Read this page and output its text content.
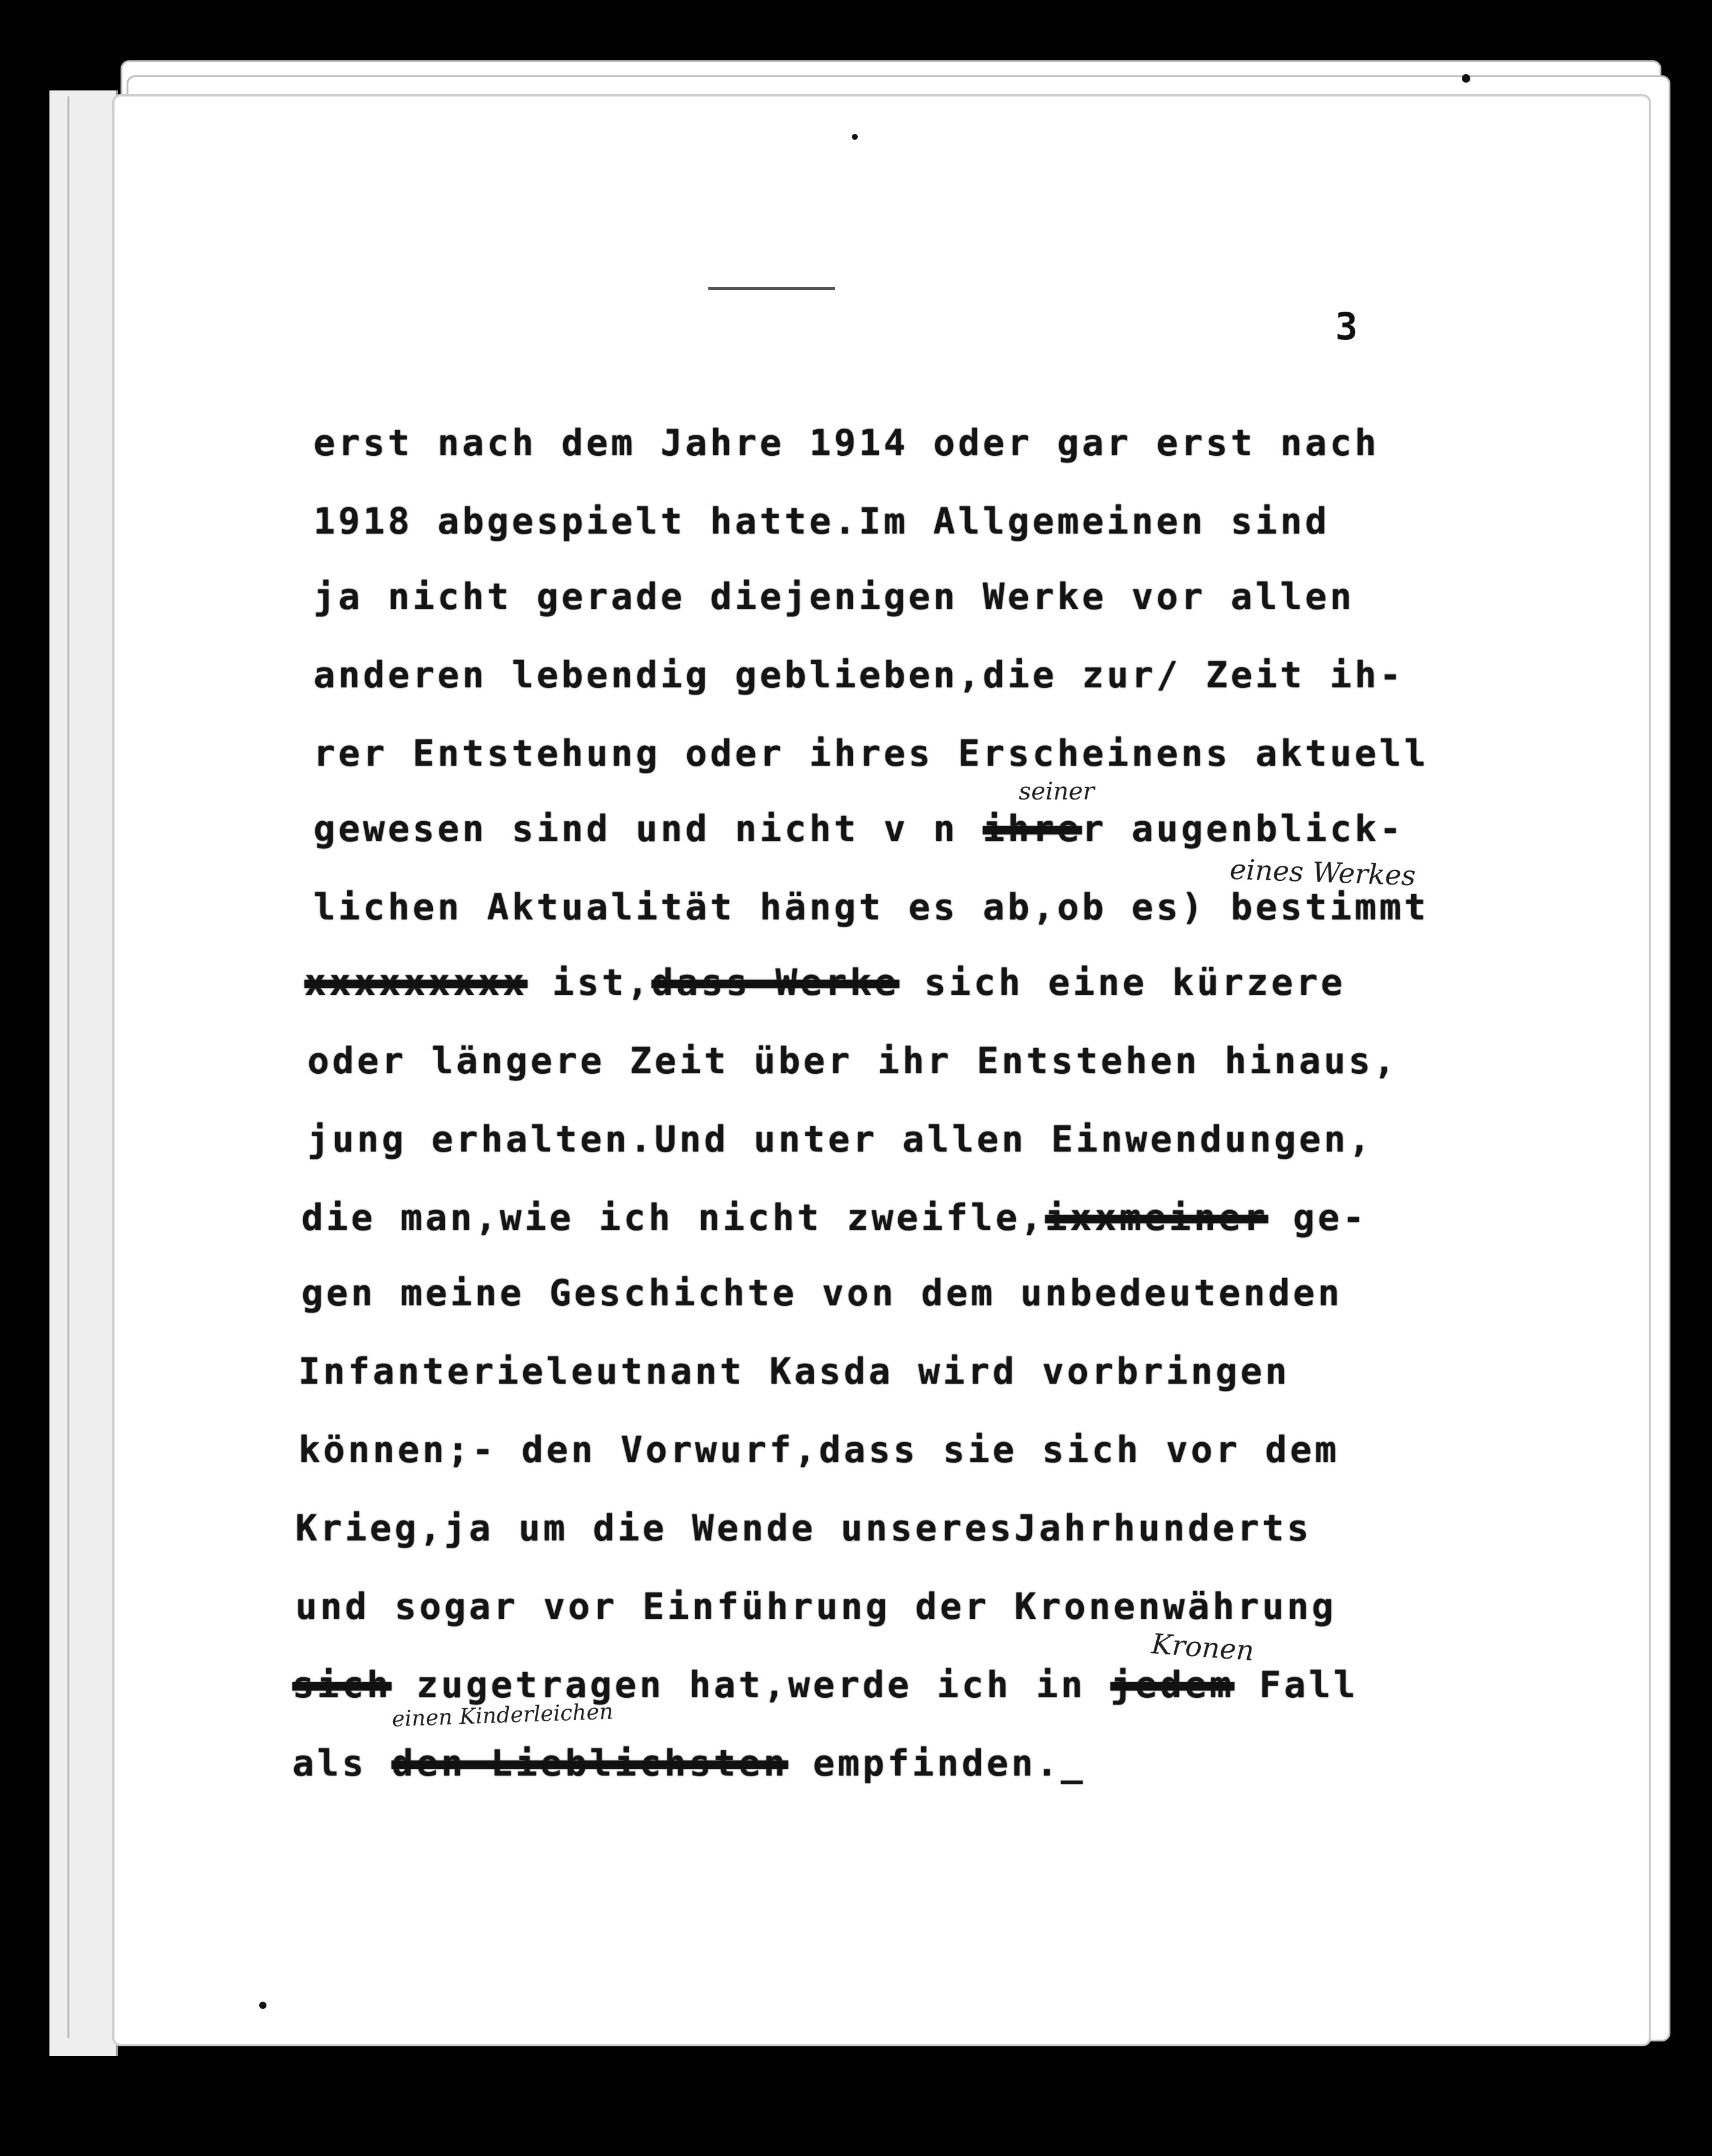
3
erst nach dem Jahre 1914 oder gar erst nach
1918 abgespielt hatte.Im Allgemeinen sind
ja nicht gerade diejenigen Werke vor allen
anderen lebendig geblieben,die zur/ Zeit ih-
rer Entstehung oder ihres Erscheinens aktuell
gewesen sind und nicht v n ihrer augenblick-
lichen Aktualität hängt es ab,ob es) bestimmt
xxxxxxxxx ist,dass Werke sich eine kürzere
oder längere Zeit über ihr Entstehen hinaus,
jung erhalten.Und unter allen Einwendungen,
die man,wie ich nicht zweifle,ixxmeiner ge-
gen meine Geschichte von dem unbedeutenden
Infanterieleutnant Kasda wird vorbringen
können;- den Vorwurf,dass sie sich vor dem
Krieg,ja um die Wende unseresJahrhunderts
und sogar vor Einführung der Kronenwährung
sich zugetragen hat,werde ich in jedem Fall
als den Lieblichsten empfinden._
seiner
eines Werkes
Kronen
einen Kinderleichen
